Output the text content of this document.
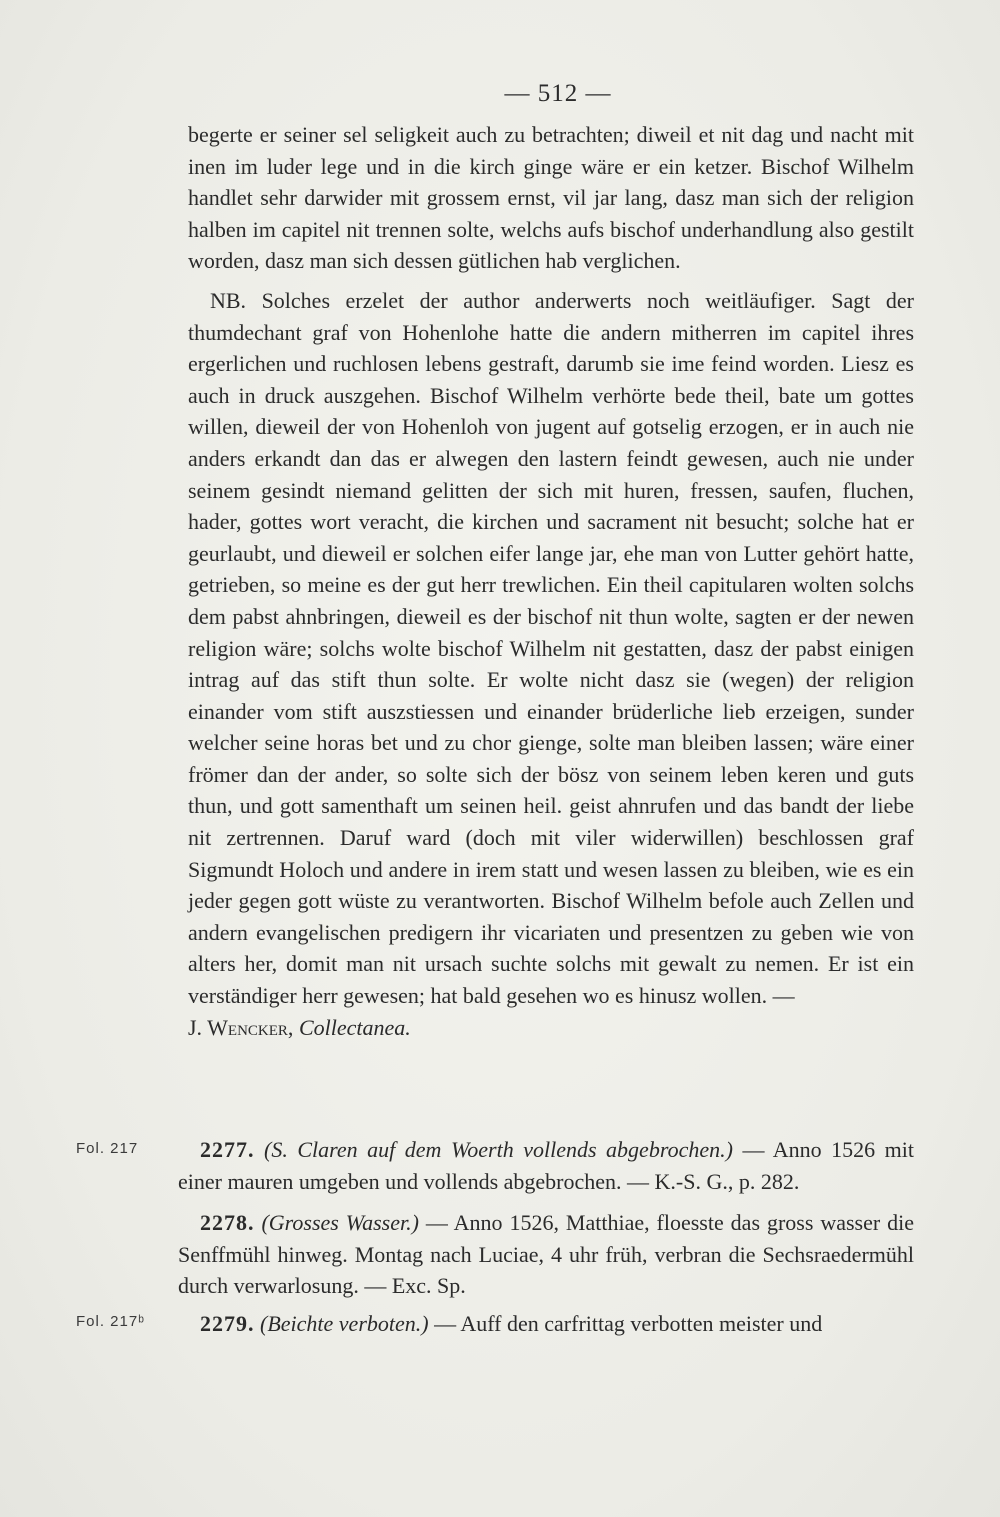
— 512 —

begerte er seiner sel seligkeit auch zu betrachten; diweil et nit dag und nacht mit inen im luder lege und in die kirch ginge wäre er ein ketzer. Bischof Wilhelm handlet sehr darwider mit grossem ernst, vil jar lang, dasz man sich der religion halben im capitel nit trennen solte, welchs aufs bischof underhandlung also gestilt worden, dasz man sich dessen gütlichen hab verglichen.

NB. Solches erzelet der author anderwerts noch weitläufiger. Sagt der thumdechant graf von Hohenlohe hatte die andern mitherren im capitel ihres ergerlichen und ruchlosen lebens gestraft, darumb sie ime feind worden. Liesz es auch in druck auszgehen. Bischof Wilhelm verhörte bede theil, bate um gottes willen, dieweil der von Hohenloh von jugent auf gotselig erzogen, er in auch nie anders erkandt dan das er alwegen den lastern feindt gewesen, auch nie under seinem gesindt niemand gelitten der sich mit huren, fressen, saufen, fluchen, hader, gottes wort veracht, die kirchen und sacrament nit besucht; solche hat er geurlaubt, und dieweil er solchen eifer lange jar, ehe man von Lutter gehört hatte, getrieben, so meine es der gut herr trewlichen. Ein theil capitularen wolten solchs dem pabst ahnbringen, dieweil es der bischof nit thun wolte, sagten er der newen religion wäre; solchs wolte bischof Wilhelm nit gestatten, dasz der pabst einigen intrag auf das stift thun solte. Er wolte nicht dasz sie (wegen) der religion einander vom stift auszstiessen und einander brüderliche lieb erzeigen, sunder welcher seine horas bet und zu chor gienge, solte man bleiben lassen; wäre einer frömer dan der ander, so solte sich der bösz von seinem leben keren und guts thun, und gott samenthaft um seinen heil. geist ahnrufen und das bandt der liebe nit zertrennen. Daruf ward (doch mit viler widerwillen) beschlossen graf Sigmundt Holoch und andere in irem statt und wesen lassen zu bleiben, wie es ein jeder gegen gott wüste zu verantworten. Bischof Wilhelm befole auch Zellen und andern evangelischen predigern ihr vicariaten und presentzen zu geben wie von alters her, domit man nit ursach suchte solchs mit gewalt zu nemen. Er ist ein verständiger herr gewesen; hat bald gesehen wo es hinusz wollen. —
J. Wencker, Collectanea.

Fol. 217	2277. (S. Claren auf dem Woerth vollends abgebrochen.) — Anno 1526 mit einer mauren umgeben und vollends abgebrochen. — K.-S. G., p. 282.

2278. (Grosses Wasser.) — Anno 1526, Matthiae, floesste das gross wasser die Senffmühl hinweg. Montag nach Luciae, 4 uhr früh, verbran die Sechsraedermühl durch verwarlosung. — Exc. Sp.

Fol. 217ᵇ	2279. (Beichte verboten.) — Auff den carfrittag verbotten meister und
